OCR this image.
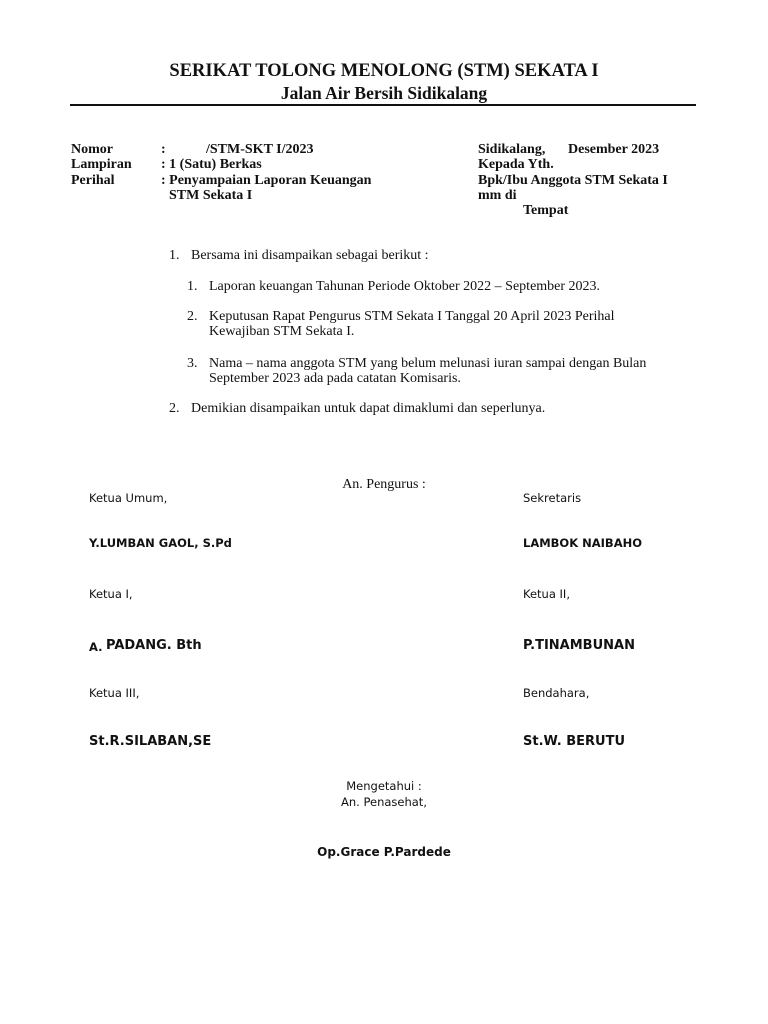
SERIKAT TOLONG MENOLONG (STM) SEKATA I
Jalan Air Bersih Sidikalang
Nomor	:	/STM-SKT I/2023
Lampiran : 1 (Satu) Berkas
Perihal	: Penyampaian Laporan Keuangan
STM Sekata I
Sidikalang, Desember 2023
Kepada Yth.
Bpk/Ibu Anggota STM Sekata I
mm di
Tempat
1. Bersama ini disampaikan sebagai berikut :
1. Laporan keuangan Tahunan Periode Oktober 2022 – September 2023.
2. Keputusan Rapat Pengurus STM Sekata I Tanggal 20 April 2023 Perihal
Kewajiban STM Sekata I.
3. Nama – nama anggota STM yang belum melunasi iuran sampai dengan Bulan
September 2023 ada pada catatan Komisaris.
2. Demikian disampaikan untuk dapat dimaklumi dan seperlunya.
An. Pengurus :
Ketua Umum,	Sekretaris
Y.LUMBAN GAOL, S.Pd	LAMBOK NAIBAHO
Ketua I,	Ketua II,
A. PADANG. Bth	P.TINAMBUNAN
Ketua III,	Bendahara,
St.R.SILABAN,SE	St.W. BERUTU
Mengetahui :
An. Penasehat,
Op.Grace P.Pardede
